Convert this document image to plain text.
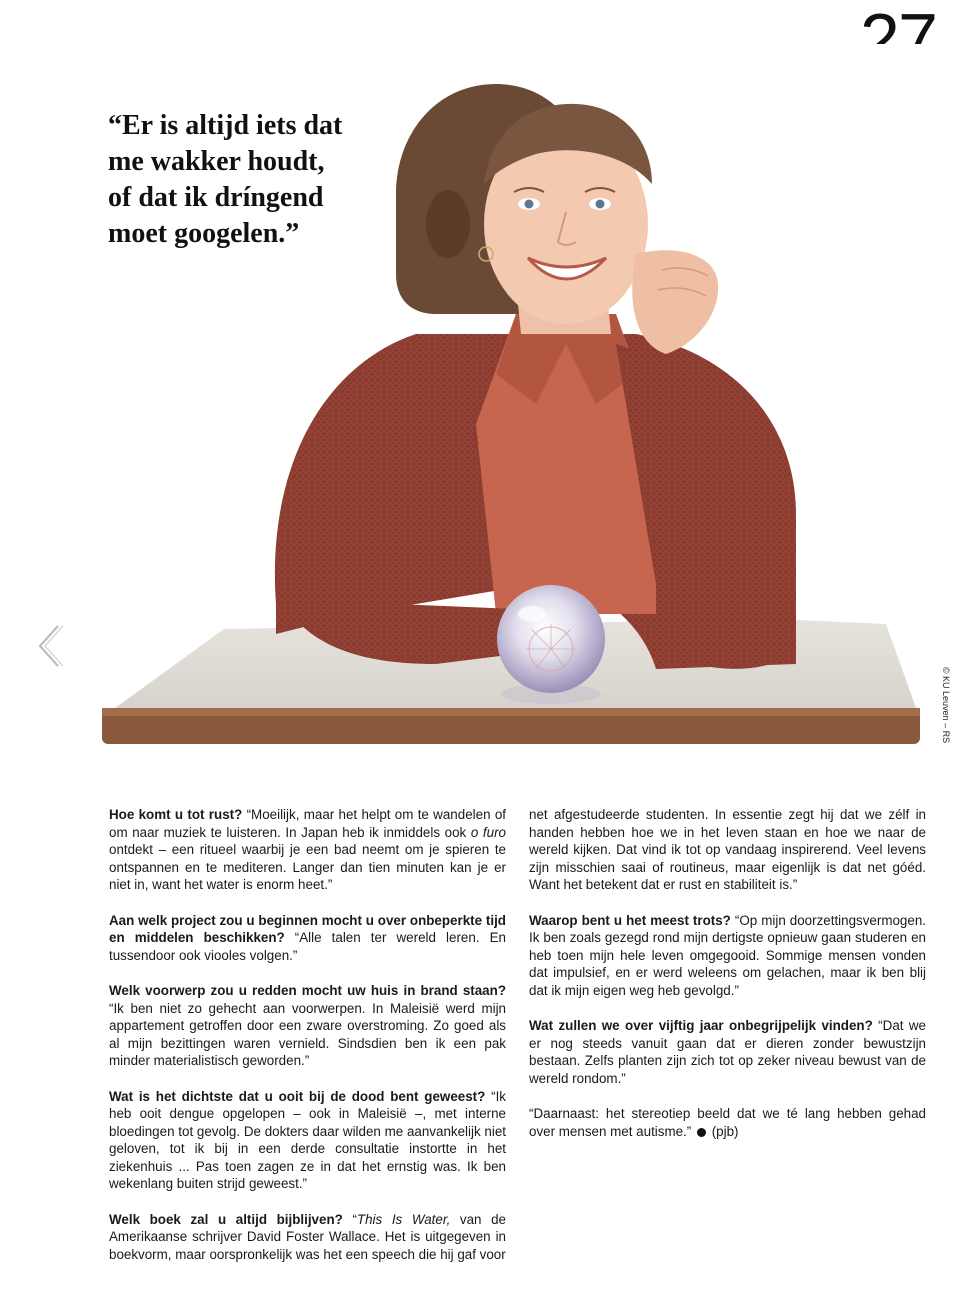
27
“Er is altijd iets dat
me wakker houdt,
of dat ik dríngend
moet googelen.”
© KU Leuven – RS

Hoe komt u tot rust? “Moeilijk, maar het helpt om te wandelen of om naar muziek te luisteren. In Japan heb ik inmiddels ook o furo ontdekt – een ritueel waarbij je een bad neemt om je spieren te ontspannen en te mediteren. Langer dan tien minuten kan je er niet in, want het water is enorm heet.”

Aan welk project zou u beginnen mocht u over onbeperkte tijd en middelen beschikken? “Alle talen ter wereld leren. En tussendoor ook viooles volgen.”

Welk voorwerp zou u redden mocht uw huis in brand staan? “Ik ben niet zo gehecht aan voorwerpen. In Maleisië werd mijn appartement getroffen door een zware overstroming. Zo goed als al mijn bezittingen waren vernield. Sindsdien ben ik een pak minder materialistisch geworden.”

Wat is het dichtste dat u ooit bij de dood bent geweest? “Ik heb ooit dengue opgelopen – ook in Maleisië –, met interne bloedingen tot gevolg. De dokters daar wilden me aanvankelijk niet geloven, tot ik bij in een derde consultatie instortte in het ziekenhuis ... Pas toen zagen ze in dat het ernstig was. Ik ben wekenlang buiten strijd geweest.”

Welk boek zal u altijd bijblijven? “This Is Water, van de Amerikaanse schrijver David Foster Wallace. Het is uitgegeven in boekvorm, maar oorspronkelijk was het een speech die hij gaf voor

net afgestudeerde studenten. In essentie zegt hij dat we zélf in handen hebben hoe we in het leven staan en hoe we naar de wereld kijken. Dat vind ik tot op vandaag inspirerend. Veel levens zijn misschien saai of routineus, maar eigenlijk is dat net góéd. Want het betekent dat er rust en stabiliteit is.”

Waarop bent u het meest trots? “Op mijn doorzettingsvermogen. Ik ben zoals gezegd rond mijn dertigste opnieuw gaan studeren en heb toen mijn hele leven omgegooid. Sommige mensen vonden dat impulsief, en er werd weleens om gelachen, maar ik ben blij dat ik mijn eigen weg heb gevolgd.”

Wat zullen we over vijftig jaar onbegrijpelijk vinden? “Dat we er nog steeds vanuit gaan dat er dieren zonder bewustzijn bestaan. Zelfs planten zijn zich tot op zeker niveau bewust van de wereld rondom.”

“Daarnaast: het stereotiep beeld dat we té lang hebben gehad over mensen met autisme.”  (pjb)
